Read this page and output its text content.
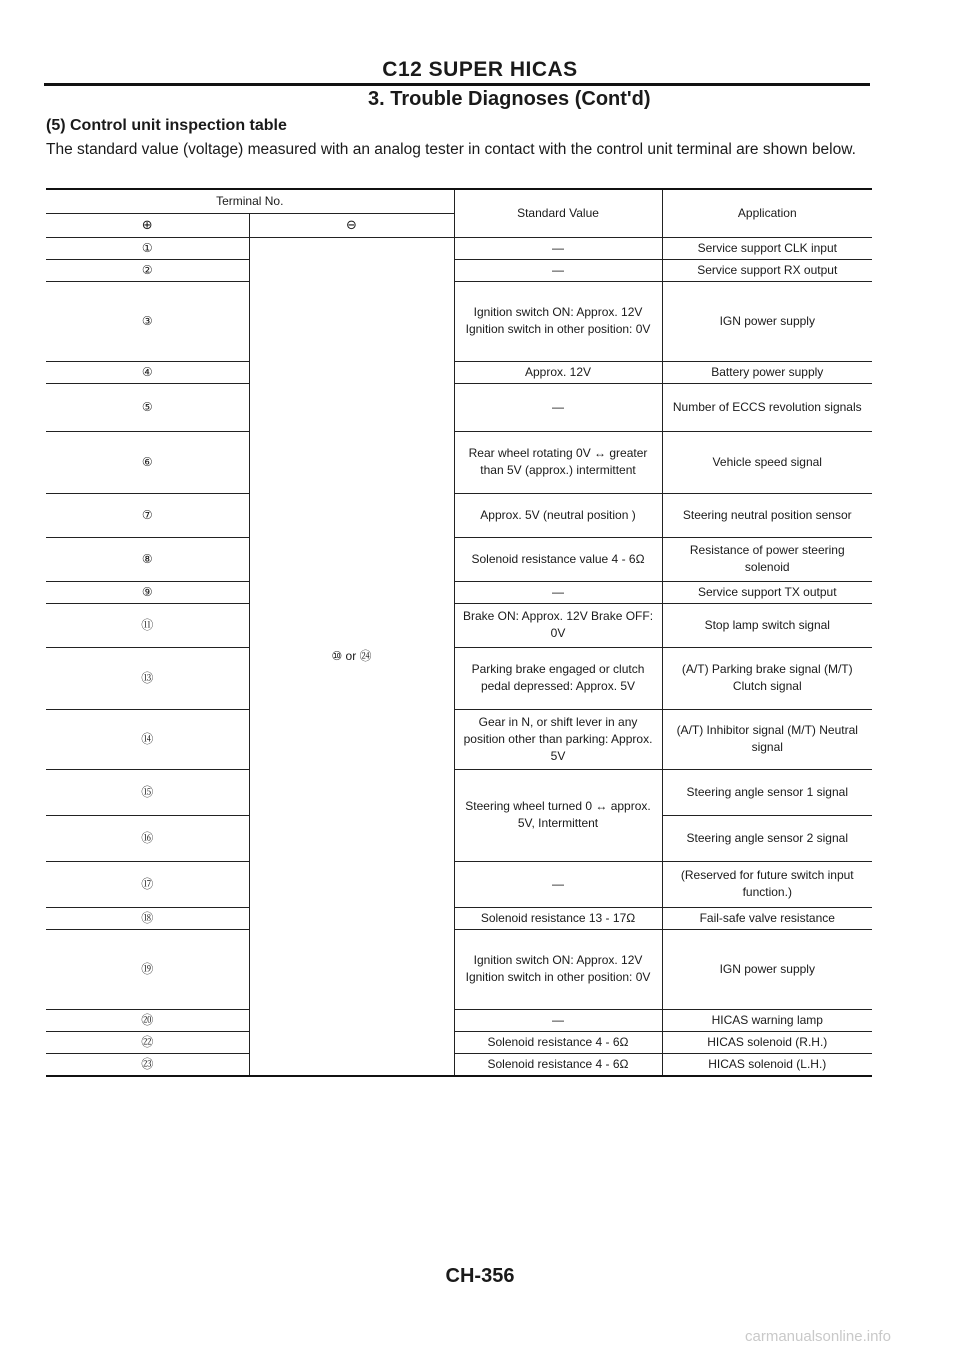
C12 SUPER HICAS
3. Trouble Diagnoses (Cont'd)
(5) Control unit inspection table
The standard value (voltage) measured with an analog tester in contact with the control unit terminal are shown below.
Terminal No.		Standard Value	Application
⊕	⊖		
①	⑩ or ㉔	—	Service support CLK input
②		—	Service support RX output
③		Ignition switch ON: Approx. 12V Ignition switch in other position: 0V	IGN power supply
④		Approx. 12V	Battery power supply
⑤		—	Number of ECCS revolution signals
⑥		Rear wheel rotating 0V ↔ greater than 5V (approx.) intermittent	Vehicle speed signal
⑦		Approx. 5V (neutral position )	Steering neutral position sensor
⑧		Solenoid resistance value 4 - 6Ω	Resistance of power steering solenoid
⑨		—	Service support TX output
⑪		Brake ON: Approx. 12V Brake OFF: 0V	Stop lamp switch signal
⑬		Parking brake engaged or clutch pedal depressed: Approx. 5V	(A/T) Parking brake signal (M/T) Clutch signal
⑭		Gear in N, or shift lever in any position other than parking: Approx. 5V	(A/T) Inhibitor signal (M/T) Neutral signal
⑮		Steering wheel turned 0 ↔ approx. 5V, Intermittent	Steering angle sensor 1 signal
⑯			Steering angle sensor 2 signal
⑰		—	(Reserved for future switch input function.)
⑱		Solenoid resistance 13 - 17Ω	Fail-safe valve resistance
⑲		Ignition switch ON: Approx. 12V Ignition switch in other position: 0V	IGN power supply
⑳		—	HICAS warning lamp
㉒		Solenoid resistance 4 - 6Ω	HICAS solenoid (R.H.)
㉓		Solenoid resistance 4 - 6Ω	HICAS solenoid (L.H.)
CH-356
carmanualsonline.info
